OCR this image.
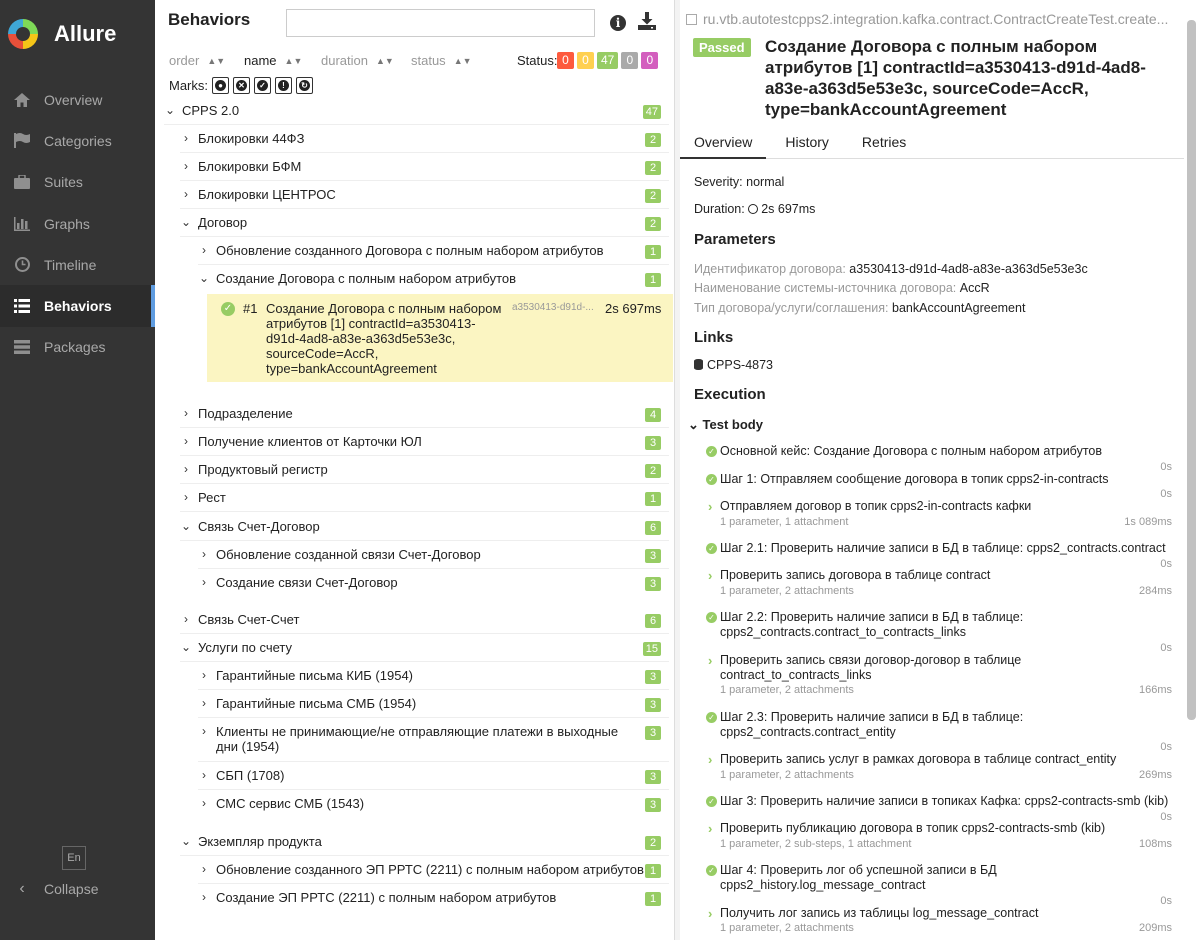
Allure
Overview
Categories
Suites
Graphs
Timeline
Behaviors
Packages
En
‹	Collapse
Behaviors	i
order ▲▼ name ▲▼ duration ▲▼ status ▲▼	Status: 0	0	47	0	0
Marks:	●	✕ ✓	!	↻
⌄ CPPS 2.0	47
› Блокировки 44ФЗ	2
› Блокировки БФМ	2
› Блокировки ЦЕНТРОС	2
⌄ Договор	2
› Обновление созданного Договора с полным набором атрибутов	1
⌄ Создание Договора с полным набором атрибутов	1
✓ #1 Создание Договора с полным набором атрибутов [1] contractId=a3530413-d91d-4ad8-a83e-a363d5e53e3c, sourceCode=AccR, type=bankAccountAgreement
a3530413-d91d-... 2s 697ms
› Подразделение	4
› Получение клиентов от Карточки ЮЛ	3
› Продуктовый регистр	2
› Рест	1
⌄ Связь Счет-Договор	6
› Обновление созданной связи Счет-Договор	3
› Создание связи Счет-Договор	3
› Связь Счет-Счет	6
⌄ Услуги по счету	15
› Гарантийные письма КИБ (1954)	3
› Гарантийные письма СМБ (1954)	3
› Клиенты не принимающие/не отправляющие платежи в выходные дни (1954)
3
› СБП (1708)	3
› СМС сервис СМБ (1543)	3
⌄ Экземпляр продукта	2
› Обновление созданного ЭП РРТС (2211) с полным набором атрибутов 1
› Создание ЭП РРТС (2211) с полным набором атрибутов	1
ru.vtb.autotestcpps2.integration.kafka.contract.ContractCreateTest.create...
Passed	Создание Договора с полным набором атрибутов [1] contractId=a3530413-d91d-4ad8-a83e-a363d5e53e3c, sourceCode=AccR, type=bankAccountAgreement
Overview	History	Retries
Severity: normal
Duration: 2s 697ms
Parameters
Идентификатор договора: a3530413-d91d-4ad8-a83e-a363d5e53e3c
Наименование системы-источника договора: AccR
Тип договора/услуги/соглашения: bankAccountAgreement
Links
CPPS-4873
Execution
⌄ Test body
✓ Основной кейс: Создание Договора с полным набором атрибутов
0s
✓ Шаг 1: Отправляем сообщение договора в топик cpps2-in-contracts
0s
› Отправляем договор в топик cpps2-in-contracts кафки
1 parameter, 1 attachment	1s 089ms
✓ Шаг 2.1: Проверить наличие записи в БД в таблице: cpps2_contracts.contract
0s
› Проверить запись договора в таблице contract
1 parameter, 2 attachments	284ms
✓ Шаг 2.2: Проверить наличие записи в БД в таблице: cpps2_contracts.contract_to_contracts_links
0s
› Проверить запись связи договор-договор в таблице contract_to_contracts_links
1 parameter, 2 attachments	166ms
✓ Шаг 2.3: Проверить наличие записи в БД в таблице: cpps2_contracts.contract_entity
0s
› Проверить запись услуг в рамках договора в таблице contract_entity
1 parameter, 2 attachments	269ms
✓ Шаг 3: Проверить наличие записи в топиках Кафка: cpps2-contracts-smb (kib)
0s
› Проверить публикацию договора в топик cpps2-contracts-smb (kib)
1 parameter, 2 sub-steps, 1 attachment	108ms
✓ Шаг 4: Проверить лог об успешной записи в БД cpps2_history.log_message_contract
0s
› Получить лог запись из таблицы log_message_contract
1 parameter, 2 attachments	209ms
